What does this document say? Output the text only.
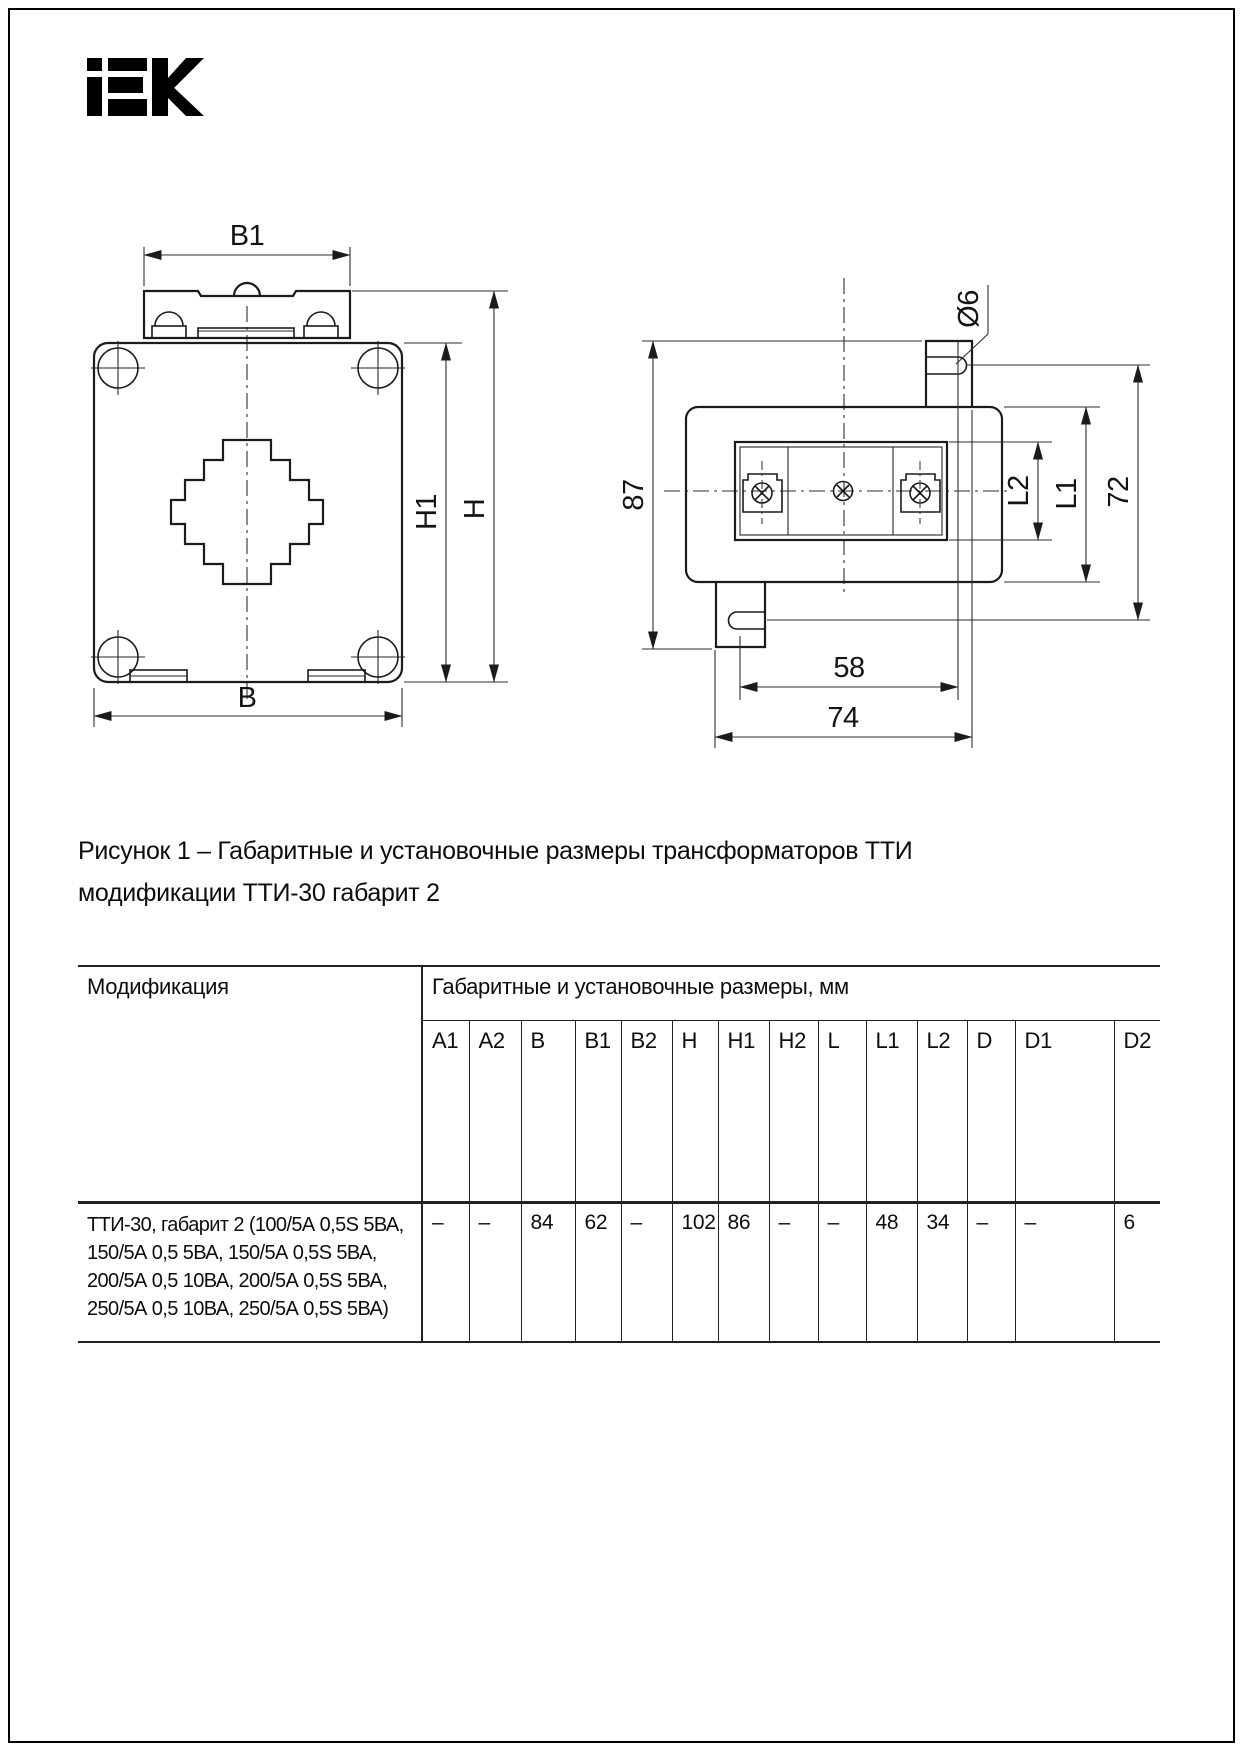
B1
B
H1 H	87
Ø6
58
74
L2 L1 72
Рисунок 1 – Габаритные и установочные размеры трансформаторов ТТИ
модификации ТТИ-30 габарит 2
Модификация	Габаритные и установочные размеры, мм													
	A1	A2	B	B1	B2	H	H1	H2	L	L1	L2	D	D1	D2
ТТИ-30, габарит 2 (100/5А 0,5S 5ВА, 150/5А 0,5 5ВА, 150/5А 0,5S 5ВА, 200/5А 0,5 10ВА, 200/5А 0,5S 5ВА, 250/5А 0,5 10ВА, 250/5А 0,5S 5ВА)	–	–	84	62	–	102	86	–	–	48	34	–	–	6
